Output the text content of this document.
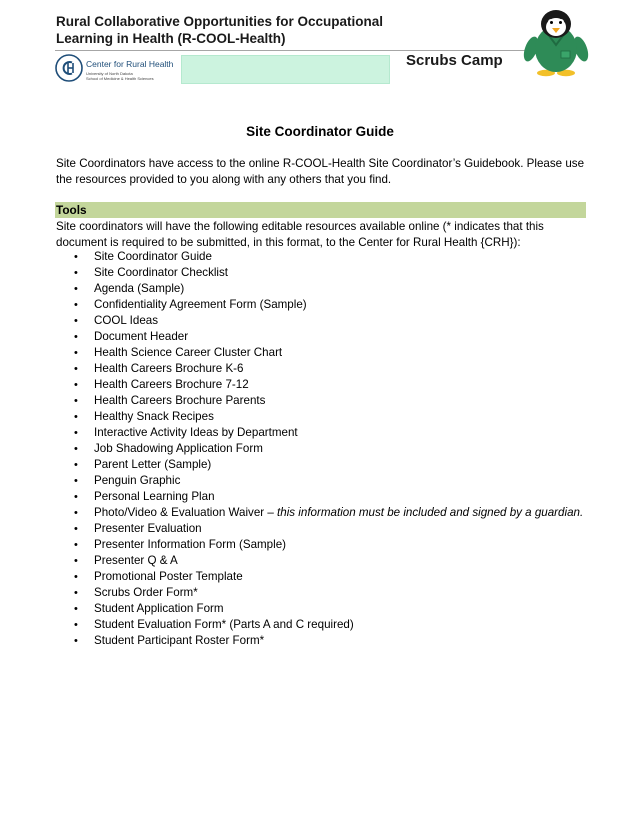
Rural Collaborative Opportunities for Occupational
Learning in Health (R-COOL-Health)
Center for Rural Health
University of North Dakota
School of Medicine & Health Sciences
Scrubs Camp
Site Coordinator Guide
Site Coordinators have access to the online R-COOL-Health Site Coordinator’s Guidebook. Please use the resources provided to you along with any others that you find.
Tools
Site coordinators will have the following editable resources available online (* indicates that this document is required to be submitted, in this format, to the Center for Rural Health {CRH}):
• Site Coordinator Guide
• Site Coordinator Checklist
• Agenda (Sample)
• Confidentiality Agreement Form (Sample)
• COOL Ideas
• Document Header
• Health Science Career Cluster Chart
• Health Careers Brochure K-6
• Health Careers Brochure 7-12
• Health Careers Brochure Parents
• Healthy Snack Recipes
• Interactive Activity Ideas by Department
• Job Shadowing Application Form
• Parent Letter (Sample)
• Penguin Graphic
• Personal Learning Plan
• Photo/Video & Evaluation Waiver – this information must be included and signed by a guardian.
• Presenter Evaluation
• Presenter Information Form (Sample)
• Presenter Q & A
• Promotional Poster Template
• Scrubs Order Form*
• Student Application Form
• Student Evaluation Form* (Parts A and C required)
• Student Participant Roster Form*
